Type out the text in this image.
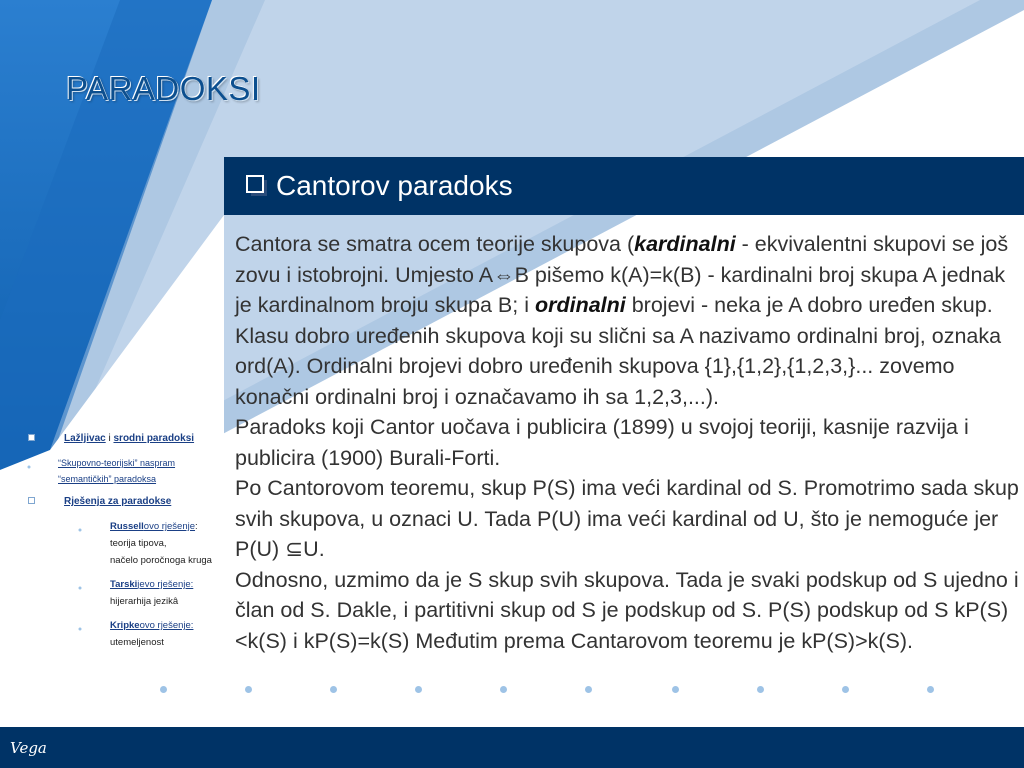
PARADOKSI
Cantorov paradoks

Cantora se smatra ocem teorije skupova (kardinalni - ekvivalentni skupovi se još zovu i istobrojni. Umjesto A⇔B pišemo k(A)=k(B) - kardinalni broj skupa A jednak je kardinalnom broju skupa B; i ordinalni brojevi - neka je A dobro uređen skup. Klasu dobro uređenih skupova koji su slični sa A nazivamo ordinalni broj, oznaka ord(A). Ordinalni brojevi dobro uređenih skupova {1},{1,2},{1,2,3,}... zovemo konačni ordinalni broj i označavamo ih sa 1,2,3,...).

Paradoks koji Cantor uočava i publicira (1899) u svojoj teoriji, kasnije razvija i publicira (1900) Burali-Forti.

Po Cantorovom teoremu, skup P(S) ima veći kardinal od S. Promotrimo sada skup svih skupova, u oznaci U. Tada P(U) ima veći kardinal od U, što je nemoguće jer P(U) ⊆U.

Odnosno, uzmimo da je S skup svih skupova. Tada je svaki podskup od S ujedno i član od S. Dakle, i partitivni skup od S je podskup od S. P(S) podskup od S kP(S)<k(S) i kP(S)=k(S) Međutim prema Cantarovom teoremu je kP(S)>k(S).

Lažljivac i srodni paradoksi
“Skupovno-teorijski” naspram
“semantičkih” paradoksa
Rješenja za paradokse
Russellovo rješenje:
teorija tipova,
načelo poročnoga kruga
Tarskijevo rješenje:
hijerarhija jezikâ
Kripkeovo rješenje:
utemeljenost
Vega
